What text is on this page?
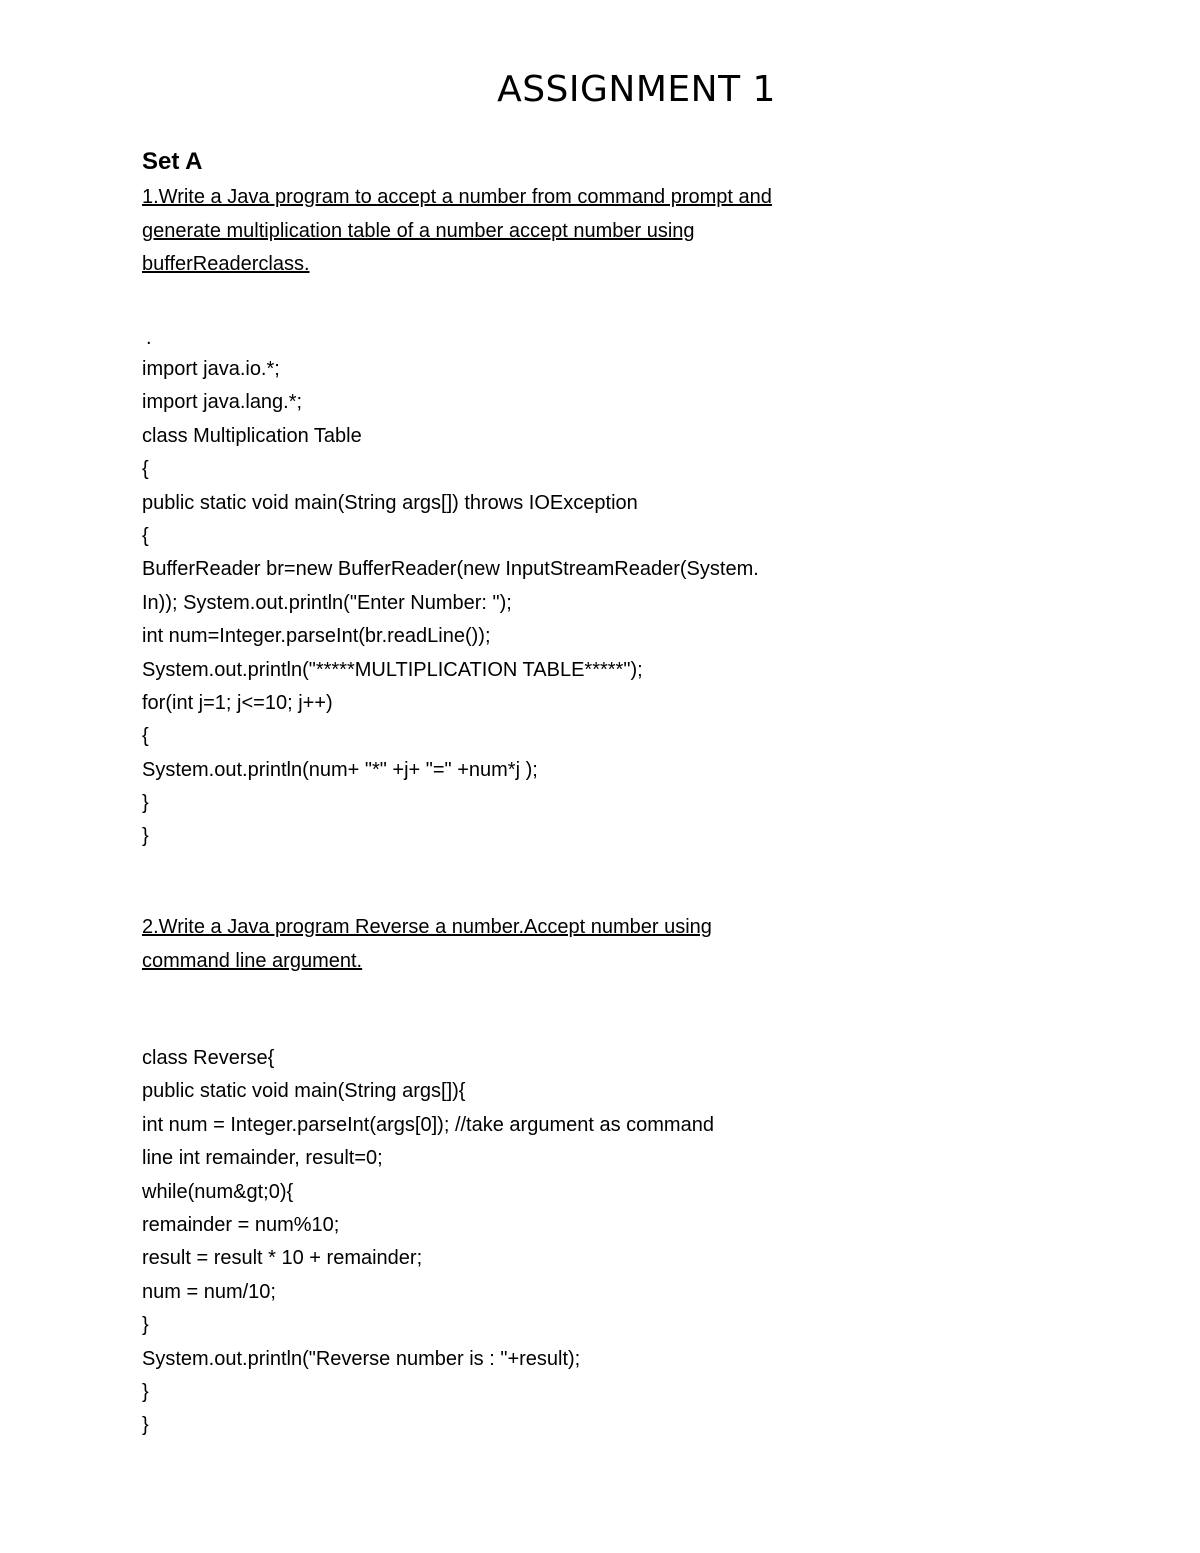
ASSIGNMENT 1
Set A

1.Write a Java program to accept a number from command prompt and
generate multiplication table of a number accept number using
bufferReaderclass.

.
import java.io.*;
import java.lang.*;
class Multiplication Table
{
public static void main(String args[]) throws IOException
{
BufferReader br=new BufferReader(new InputStreamReader(System.
In)); System.out.println("Enter Number: ");
int num=Integer.parseInt(br.readLine());
System.out.println("*****MULTIPLICATION TABLE*****");
for(int j=1; j<=10; j++)
{
System.out.println(num+ "*" +j+ "=" +num*j );
}
}

2.Write a Java program Reverse a number.Accept number using
command line argument.

class Reverse{
public static void main(String args[]){
int num = Integer.parseInt(args[0]); //take argument as command
line int remainder, result=0;
while(num&gt;0){
remainder = num%10;
result = result * 10 + remainder;
num = num/10;
}
System.out.println("Reverse number is : "+result);
}
}
